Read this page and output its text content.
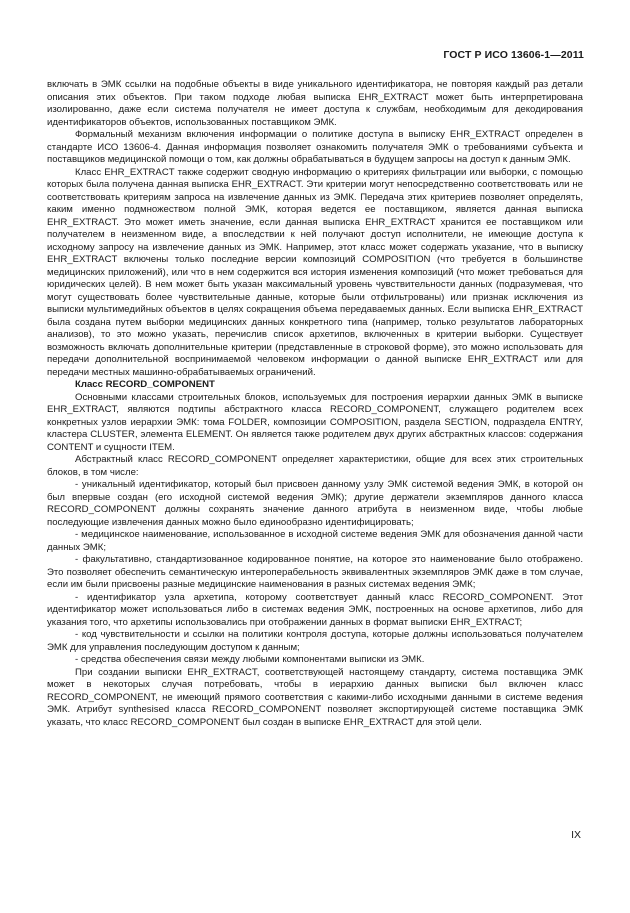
ГОСТ Р ИСО 13606-1—2011

включать в ЭМК ссылки на подобные объекты в виде уникального идентификатора, не повторяя каждый раз детали описания этих объектов. При таком подходе любая выписка EHR_EXTRACT может быть интерпретирована изолированно, даже если система получателя не имеет доступа к службам, необходимым для декодирования идентификаторов объектов, использованных поставщиком ЭМК.

Формальный механизм включения информации о политике доступа в выписку EHR_EXTRACT определен в стандарте ИСО 13606-4. Данная информация позволяет ознакомить получателя ЭМК о требованиями субъекта и поставщиков медицинской помощи о том, как должны обрабатываться в будущем запросы на доступ к данным ЭМК.

Класс EHR_EXTRACT также содержит сводную информацию о критериях фильтрации или выборки, с помощью которых была получена данная выписка EHR_EXTRACT. Эти критерии могут непосредственно соответствовать или не соответствовать критериям запроса на извлечение данных из ЭМК. Передача этих критериев позволяет определять, каким именно подмножеством полной ЭМК, которая ведется ее поставщиком, является данная выписка EHR_EXTRACT. Это может иметь значение, если данная выписка EHR_EXTRACT хранится ее поставщиком или получателем в неизменном виде, а впоследствии к ней получают доступ исполнители, не имеющие доступа к исходному запросу на извлечение данных из ЭМК. Например, этот класс может содержать указание, что в выписку EHR_EXTRACT включены только последние версии композиций COMPOSITION (что требуется в большинстве медицинских приложений), или что в нем содержится вся история изменения композиций (что может требоваться для юридических целей). В нем может быть указан максимальный уровень чувствительности данных (подразумевая, что могут существовать более чувствительные данные, которые были отфильтрованы) или признак исключения из выписки мультимедийных объектов в целях сокращения объема передаваемых данных. Если выписка EHR_EXTRACT была создана путем выборки медицинских данных конкретного типа (например, только результатов лабораторных анализов), то это можно указать, перечислив список архетипов, включенных в критерии выборки. Существует возможность включать дополнительные критерии (представленные в строковой форме), это можно использовать для передачи дополнительной воспринимаемой человеком информации о данной выписке EHR_EXTRACT или для передачи местных машинно-обрабатываемых ограничений.

Класс RECORD_COMPONENT

Основными классами строительных блоков, используемых для построения иерархии данных ЭМК в выписке EHR_EXTRACT, являются подтипы абстрактного класса RECORD_COMPONENT, служащего родителем всех конкретных узлов иерархии ЭМК: тома FOLDER, композиции COMPOSITION, раздела SECTION, подраздела ENTRY, кластера CLUSTER, элемента ELEMENT. Он является также родителем двух других абстрактных классов: содержания CONTENT и сущности ITEM.

Абстрактный класс RECORD_COMPONENT определяет характеристики, общие для всех этих строительных блоков, в том числе:

- уникальный идентификатор, который был присвоен данному узлу ЭМК системой ведения ЭМК, в которой он был впервые создан (его исходной системой ведения ЭМК); другие держатели экземпляров данного класса RECORD_COMPONENT должны сохранять значение данного атрибута в неизменном виде, чтобы любые последующие извлечения данных можно было единообразно идентифицировать;

- медицинское наименование, использованное в исходной системе ведения ЭМК для обозначения данной части данных ЭМК;

- факультативно, стандартизованное кодированное понятие, на которое это наименование было отображено. Это позволяет обеспечить семантическую интероперабельность эквивалентных экземпляров ЭМК даже в том случае, если им были присвоены разные медицинские наименования в разных системах ведения ЭМК;

- идентификатор узла архетипа, которому соответствует данный класс RECORD_COMPONENT. Этот идентификатор может использоваться либо в системах ведения ЭМК, построенных на основе архетипов, либо для указания того, что архетипы использовались при отображении данных в формат выписки EHR_EXTRACT;

- код чувствительности и ссылки на политики контроля доступа, которые должны использоваться получателем ЭМК для управления последующим доступом к данным;

- средства обеспечения связи между любыми компонентами выписки из ЭМК.

При создании выписки EHR_EXTRACT, соответствующей настоящему стандарту, система поставщика ЭМК может в некоторых случая потребовать, чтобы в иерархию данных выписки был включен класс RECORD_COMPONENT, не имеющий прямого соответствия с какими-либо исходными данными в системе ведения ЭМК. Атрибут synthesised класса RECORD_COMPONENT позволяет экспортирующей системе поставщика ЭМК указать, что класс RECORD_COMPONENT был создан в выписке EHR_EXTRACT для этой цели.

IX
